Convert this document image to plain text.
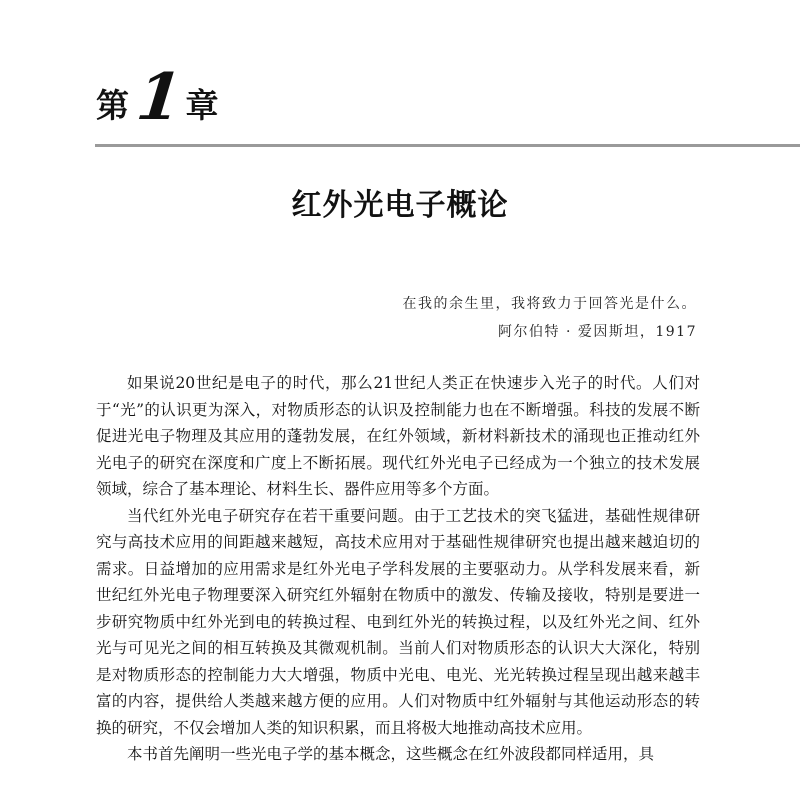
第 1 章
红外光电子概论
在我的余生里，我将致力于回答光是什么。
阿尔伯特 · 爱因斯坦，1917

如果说20世纪是电子的时代，那么21世纪人类正在快速步入光子的时代。人们对于“光”的认识更为深入，对物质形态的认识及控制能力也在不断增强。科技的发展不断促进光电子物理及其应用的蓬勃发展，在红外领域，新材料新技术的涌现也正推动红外光电子的研究在深度和广度上不断拓展。现代红外光电子已经成为一个独立的技术发展领域，综合了基本理论、材料生长、器件应用等多个方面。

当代红外光电子研究存在若干重要问题。由于工艺技术的突飞猛进，基础性规律研究与高技术应用的间距越来越短，高技术应用对于基础性规律研究也提出越来越迫切的需求。日益增加的应用需求是红外光电子学科发展的主要驱动力。从学科发展来看，新世纪红外光电子物理要深入研究红外辐射在物质中的激发、传输及接收，特别是要进一步研究物质中红外光到电的转换过程、电到红外光的转换过程，以及红外光之间、红外光与可见光之间的相互转换及其微观机制。当前人们对物质形态的认识大大深化，特别是对物质形态的控制能力大大增强，物质中光电、电光、光光转换过程呈现出越来越丰富的内容，提供给人类越来越方便的应用。人们对物质中红外辐射与其他运动形态的转换的研究，不仅会增加人类的知识积累，而且将极大地推动高技术应用。

本书首先阐明一些光电子学的基本概念，这些概念在红外波段都同样适用，具
